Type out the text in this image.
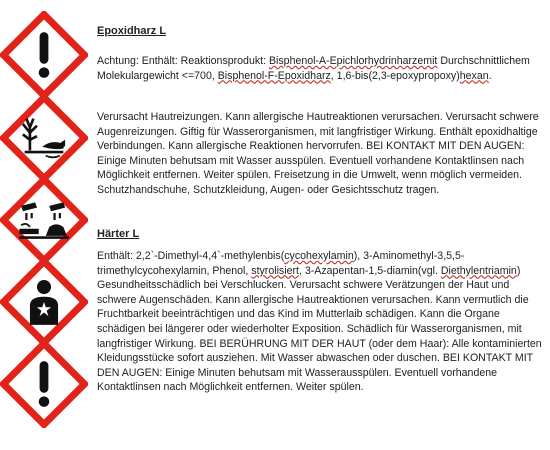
Epoxidharz L

Achtung: Enthält: Reaktionsprodukt: Bisphenol-A-Epichlorhydrinharzemit Durchschnittlichem Molekulargewicht <=700, Bisphenol-F-Epoxidharz, 1,6-bis(2,3-epoxypropoxy)hexan.

Verursacht Hautreizungen. Kann allergische Hautreaktionen verursachen. Verursacht schwere Augenreizungen. Giftig für Wasserorganismen, mit langfristiger Wirkung. Enthält epoxidhaltige Verbindungen. Kann allergische Reaktionen hervorrufen. BEI KONTAKT MIT DEN AUGEN: Einige Minuten behutsam mit Wasser ausspülen. Eventuell vorhandene Kontaktlinsen nach Möglichkeit entfernen. Weiter spülen. Freisetzung in die Umwelt, wenn möglich vermeiden. Schutzhandschuhe, Schutzkleidung, Augen- oder Gesichtsschutz tragen.

Härter L

Enthält: 2,2`-Dimethyl-4,4`-methylenbis(cycohexylamin), 3-Aminomethyl-3,5,5-trimethylcycohexylamin, Phenol, styrolisiert, 3-Azapentan-1,5-diamin(vgl. Diethylentriamin) Gesundheitsschädlich bei Verschlucken. Verursacht schwere Verätzungen der Haut und schwere Augenschäden. Kann allergische Hautreaktionen verursachen. Kann vermutlich die Fruchtbarkeit beeinträchtigen und das Kind im Mutterlaib schädigen. Kann die Organe schädigen bei längerer oder wiederholter Exposition. Schädlich für Wasserorganismen, mit langfristiger Wirkung. BEI BERÜHRUNG MIT DER HAUT (oder dem Haar): Alle kontaminierten Kleidungsstücke sofort ausziehen. Mit Wasser abwaschen oder duschen. BEI KONTAKT MIT DEN AUGEN: Einige Minuten behutsam mit Wasserausspülen. Eventuell vorhandene Kontaktlinsen nach Möglichkeit entfernen. Weiter spülen.
